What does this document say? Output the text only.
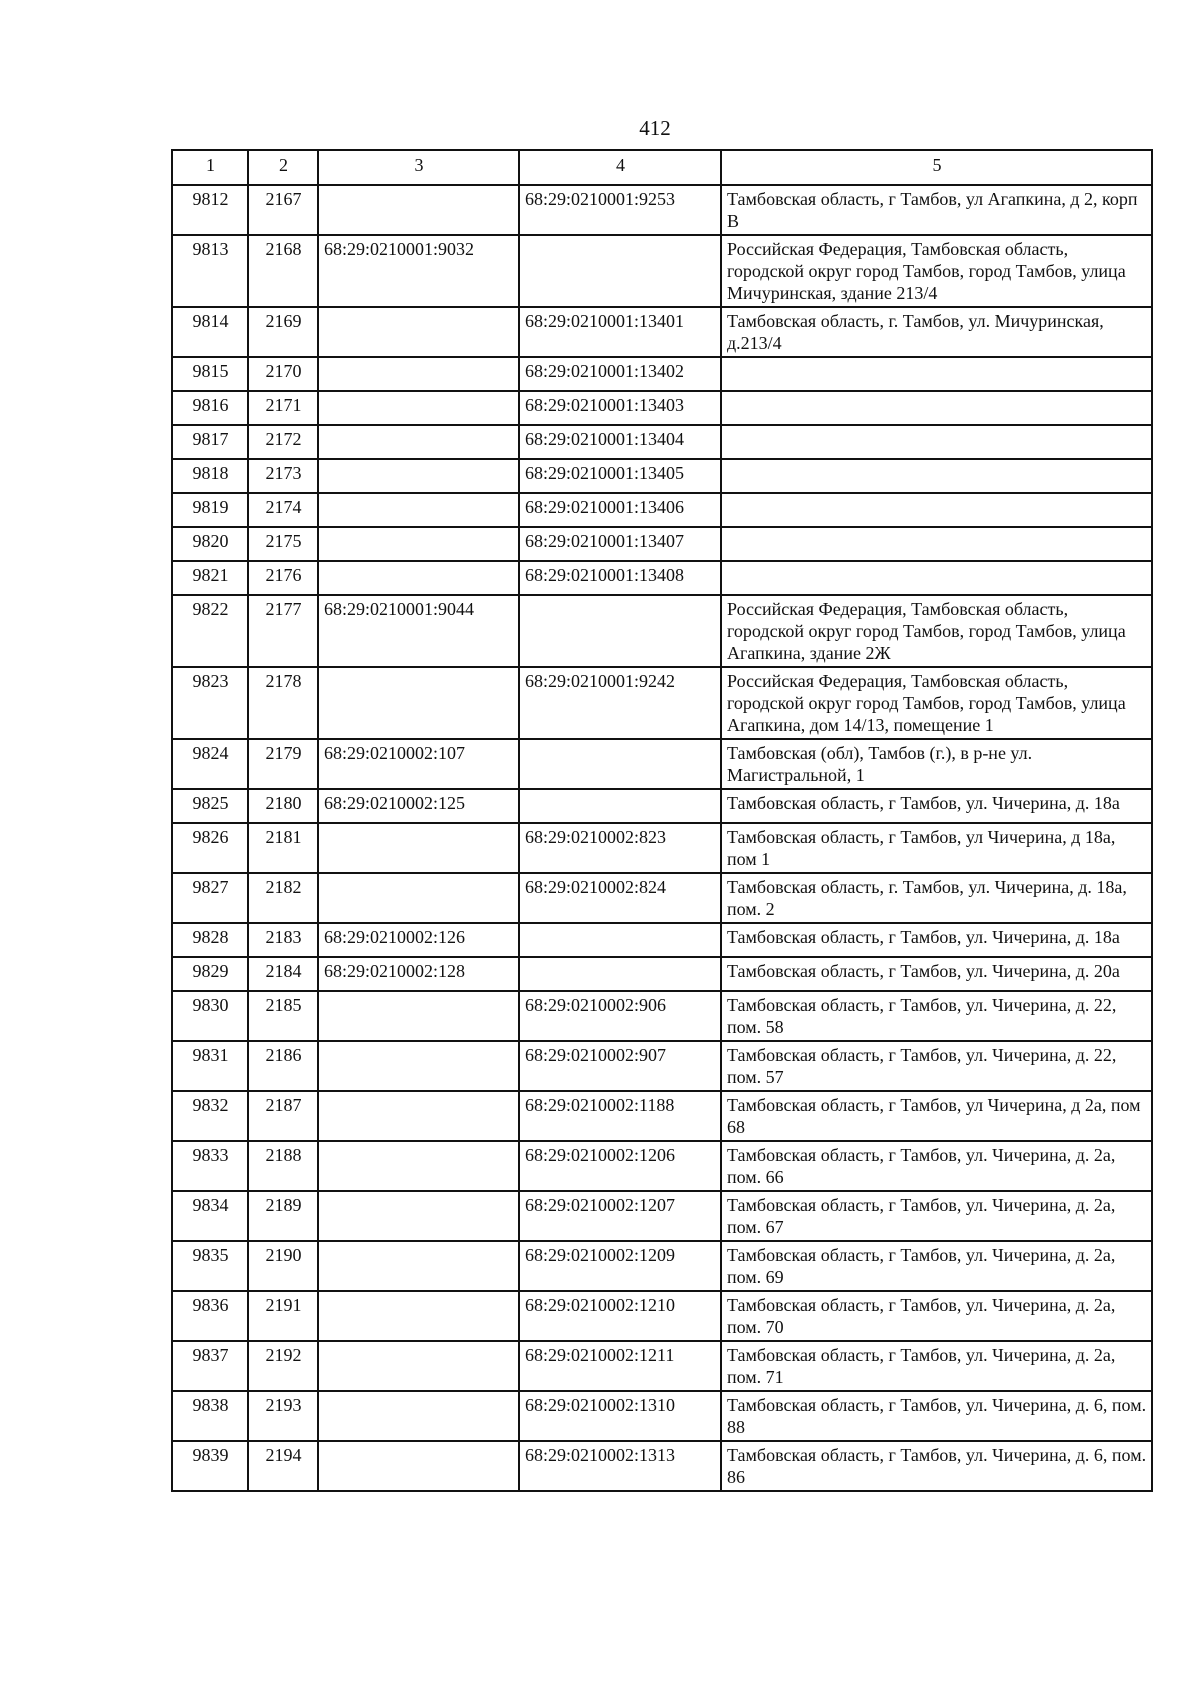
412
1	2	3	4	5
9812	2167		68:29:0210001:9253	Тамбовская область, г Тамбов, ул Агапкина, д 2, корп В
9813	2168	68:29:0210001:9032		Российская Федерация, Тамбовская область, городской округ город Тамбов, город Тамбов, улица Мичуринская, здание 213/4
9814	2169		68:29:0210001:13401	Тамбовская область, г. Тамбов, ул. Мичуринская, д.213/4
9815	2170		68:29:0210001:13402	
9816	2171		68:29:0210001:13403	
9817	2172		68:29:0210001:13404	
9818	2173		68:29:0210001:13405	
9819	2174		68:29:0210001:13406	
9820	2175		68:29:0210001:13407	
9821	2176		68:29:0210001:13408	
9822	2177	68:29:0210001:9044		Российская Федерация, Тамбовская область, городской округ город Тамбов, город Тамбов, улица Агапкина, здание 2Ж
9823	2178		68:29:0210001:9242	Российская Федерация, Тамбовская область, городской округ город Тамбов, город Тамбов, улица Агапкина, дом 14/13, помещение 1
9824	2179	68:29:0210002:107		Тамбовская (обл), Тамбов (г.), в р-не ул. Магистральной, 1
9825	2180	68:29:0210002:125		Тамбовская область, г Тамбов, ул. Чичерина, д. 18а
9826	2181		68:29:0210002:823	Тамбовская область, г Тамбов, ул Чичерина, д 18а, пом 1
9827	2182		68:29:0210002:824	Тамбовская область, г. Тамбов, ул. Чичерина, д. 18а, пом. 2
9828	2183	68:29:0210002:126		Тамбовская область, г Тамбов, ул. Чичерина, д. 18а
9829	2184	68:29:0210002:128		Тамбовская область, г Тамбов, ул. Чичерина, д. 20а
9830	2185		68:29:0210002:906	Тамбовская область, г Тамбов, ул. Чичерина, д. 22, пом. 58
9831	2186		68:29:0210002:907	Тамбовская область, г Тамбов, ул. Чичерина, д. 22, пом. 57
9832	2187		68:29:0210002:1188	Тамбовская область, г Тамбов, ул Чичерина, д 2а, пом 68
9833	2188		68:29:0210002:1206	Тамбовская область, г Тамбов, ул. Чичерина, д. 2а, пом. 66
9834	2189		68:29:0210002:1207	Тамбовская область, г Тамбов, ул. Чичерина, д. 2а, пом. 67
9835	2190		68:29:0210002:1209	Тамбовская область, г Тамбов, ул. Чичерина, д. 2а, пом. 69
9836	2191		68:29:0210002:1210	Тамбовская область, г Тамбов, ул. Чичерина, д. 2а, пом. 70
9837	2192		68:29:0210002:1211	Тамбовская область, г Тамбов, ул. Чичерина, д. 2а, пом. 71
9838	2193		68:29:0210002:1310	Тамбовская область, г Тамбов, ул. Чичерина, д. 6, пом. 88
9839	2194		68:29:0210002:1313	Тамбовская область, г Тамбов, ул. Чичерина, д. 6, пом. 86
